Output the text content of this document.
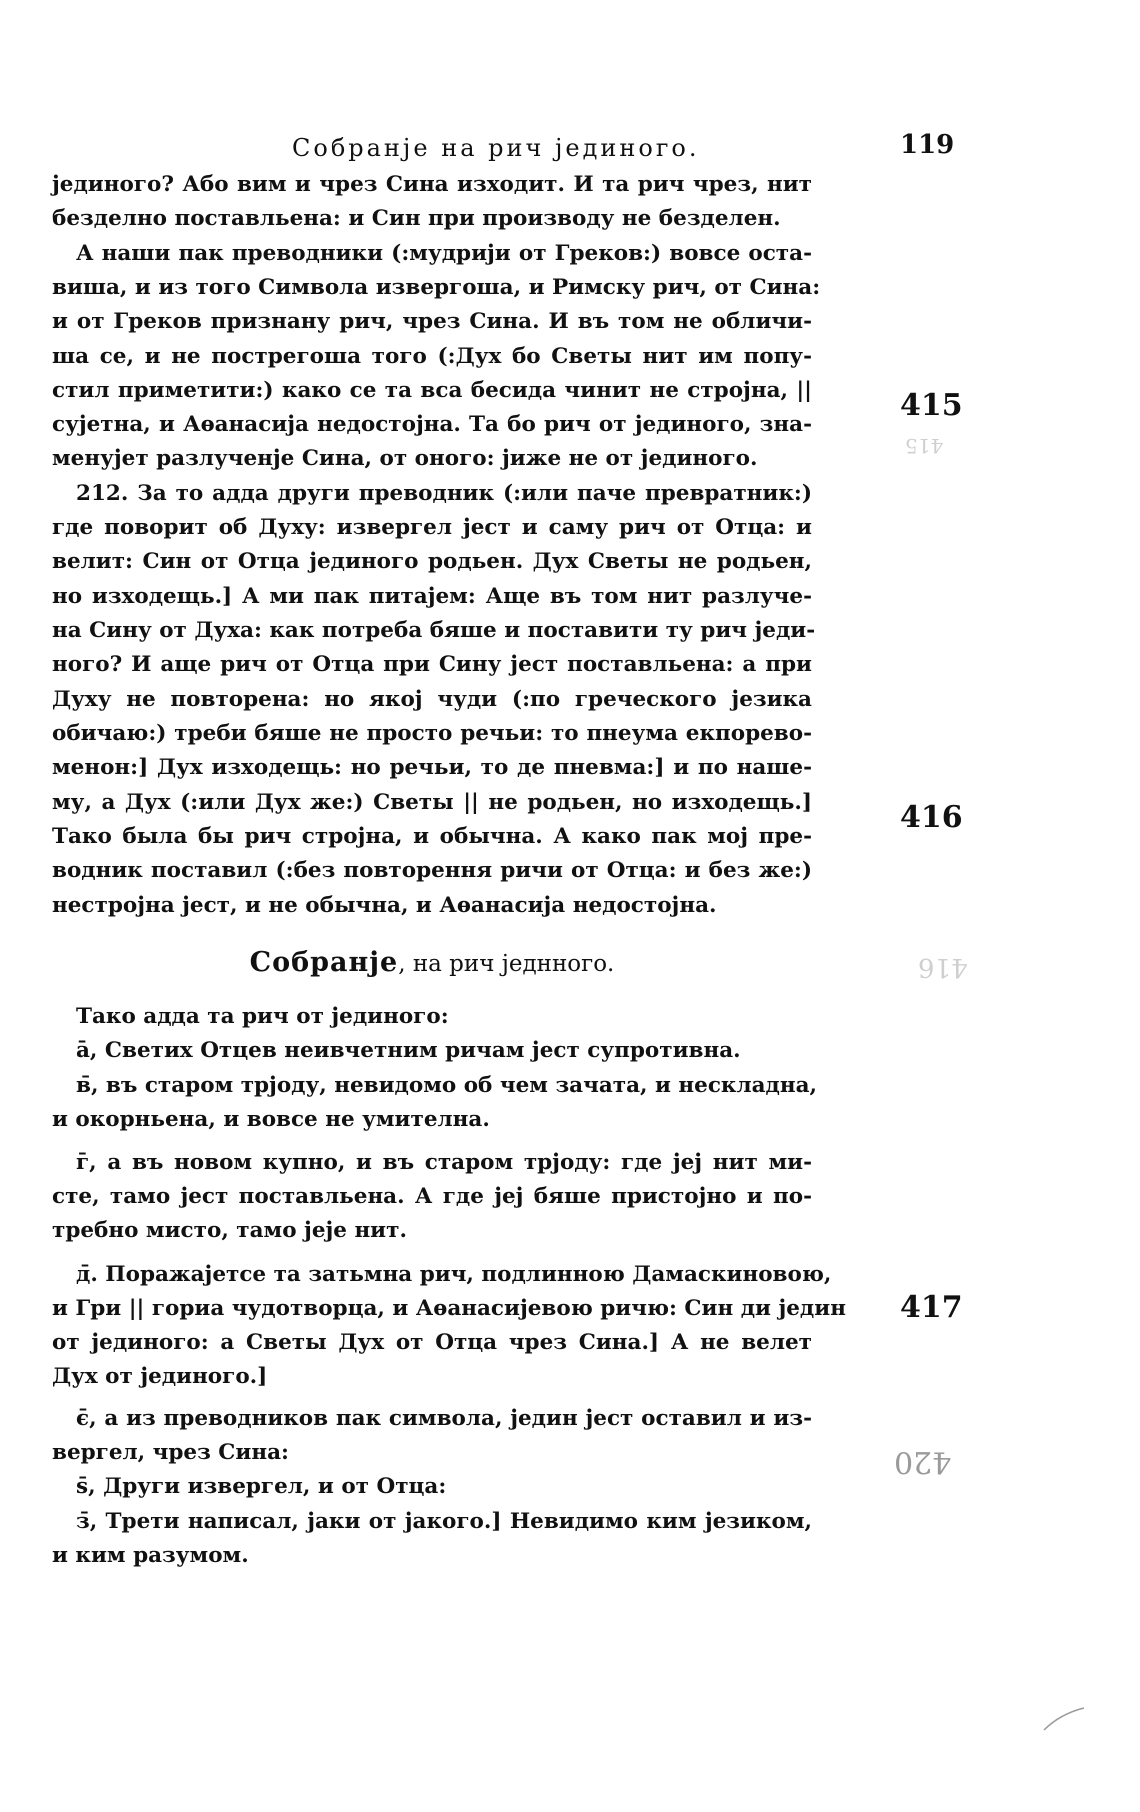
Собранје на рич јединого.	119
јединого? Або вим и чрез Сина изходит. И та рич чрез, нит
безделно поставльена: и Син при производу не безделен.
А наши пак преводники (:мудрији от Греков:) вовсе оста-
виша, и из того Символа извергоша, и Римску рич, от Сина:
и от Греков признану рич, чрез Сина. И въ том не обличи-
ша се, и не пострегоша того (:Дух бо Светы нит им попу-
стил приметити:) како се та вса бесида чинит не стројна, ||
сујетна, и Аѳанасија недостојна. Та бо рич от јединого, зна-
менујет разлученје Сина, от оного: јиже не от јединого.
212. За то адда други преводник (:или паче превратник:)
где поворит об Духу: извергел јест и саму рич от Отца: и
велит: Син от Отца јединого родьен. Дух Светы не родьен,
но изходещь.] А ми пак питајем: Аще въ том нит разлуче-
нa Сину от Духа: как потреба бяше и поставити ту рич једи-
ного? И аще рич от Отца при Сину јест поставльена: а при
Духу не повторена: но якој чуди (:по греческого језика
обичаю:) треби бяше не просто речьи: то пнеума екпорево-
менон:] Дух изходещь: но речьи, то де пневма:] и по наше-
му, а Дух (:или Дух же:) Светы || не родьен, но изходещь.]
Тако была бы рич стројна, и обычна. А како пак мој пре-
водник поставил (:без повторення ричи от Отца: и без же:)
нестројна јест, и не обычна, и Аѳанасија недостојна.
Собранје, на рич једнного.
Тако адда та рич от јединого:
ā, Светих Отцев неивчетним ричам јест супротивна.
в̄, въ старом трјоду, невидомо об чем зачата, и нескладна,
и окорньена, и вовсе не умителна.
г̄, а въ новом купно, и въ старом трјоду: где јеј нит ми-
сте, тамо јест поставльена. А где јеј бяше пристојно и по-
требно мисто, тамо јеје нит.
д̄. Поражајетсе та затьмна рич, подлинною Дамаскиновою,
и Гри || гориа чудотворца, и Аѳанасијевою ричю: Син ди једин
от јединого: а Светы Дух от Отца чрез Сина.] А не велет
Дух от јединого.]
є̄, а из преводников пак символа, једин јест оставил и из-
вергел, чрез Сина:
ѕ̄, Други извергел, и от Отца:
з̄, Трети написал, јаки от јакого.] Невидимо ким језиком,
и ким разумом.
415
416
417
415
416
420
